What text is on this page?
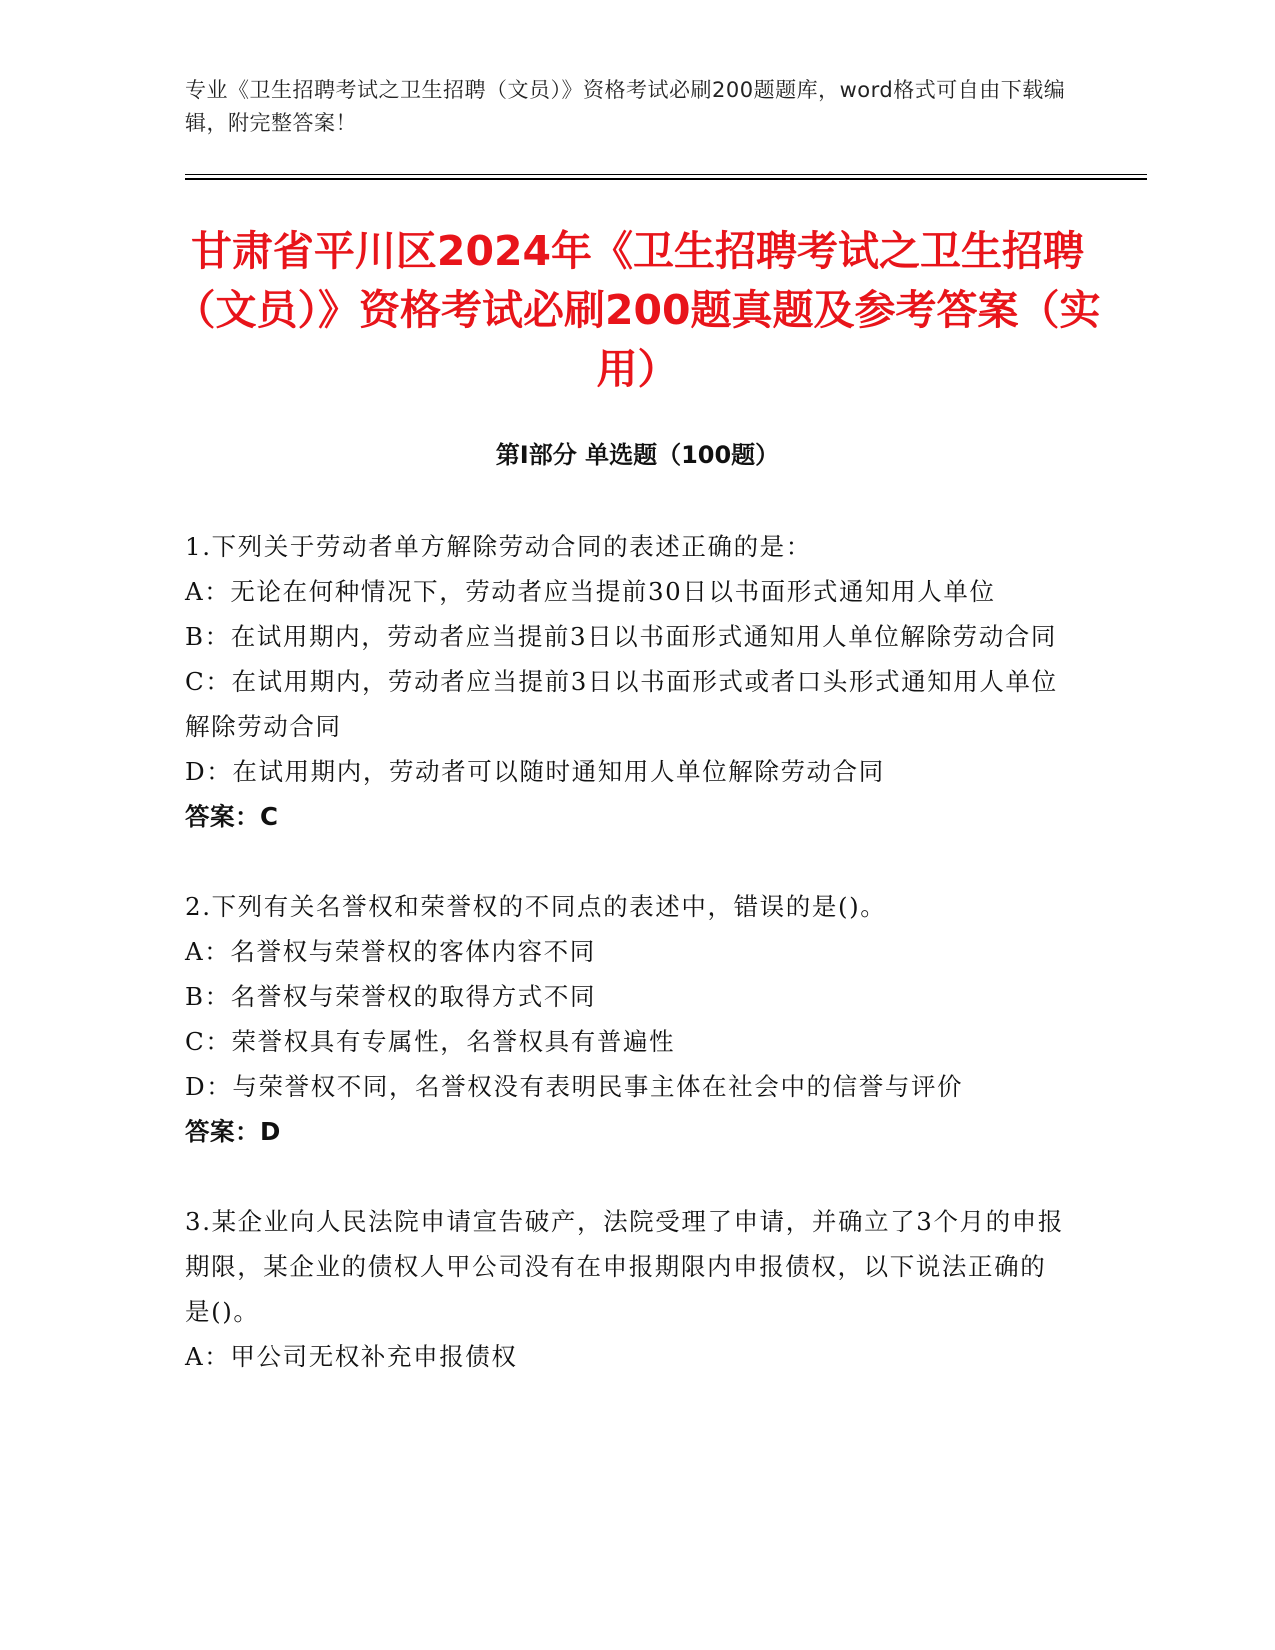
专业《卫生招聘考试之卫生招聘（文员）》资格考试必刷200题题库，word格式可自由下载编辑，附完整答案！
甘肃省平川区2024年《卫生招聘考试之卫生招聘（文员）》资格考试必刷200题真题及参考答案（实用）
第Ⅰ部分 单选题（100题）

1.下列关于劳动者单方解除劳动合同的表述正确的是：

A：无论在何种情况下，劳动者应当提前30日以书面形式通知用人单位

B：在试用期内，劳动者应当提前3日以书面形式通知用人单位解除劳动合同

C：在试用期内，劳动者应当提前3日以书面形式或者口头形式通知用人单位解除劳动合同

D：在试用期内，劳动者可以随时通知用人单位解除劳动合同

答案：C

2.下列有关名誉权和荣誉权的不同点的表述中，错误的是()。

A：名誉权与荣誉权的客体内容不同

B：名誉权与荣誉权的取得方式不同

C：荣誉权具有专属性，名誉权具有普遍性

D：与荣誉权不同，名誉权没有表明民事主体在社会中的信誉与评价

答案：D

3.某企业向人民法院申请宣告破产，法院受理了申请，并确立了3个月的申报期限，某企业的债权人甲公司没有在申报期限内申报债权，以下说法正确的是()。

A：甲公司无权补充申报债权
